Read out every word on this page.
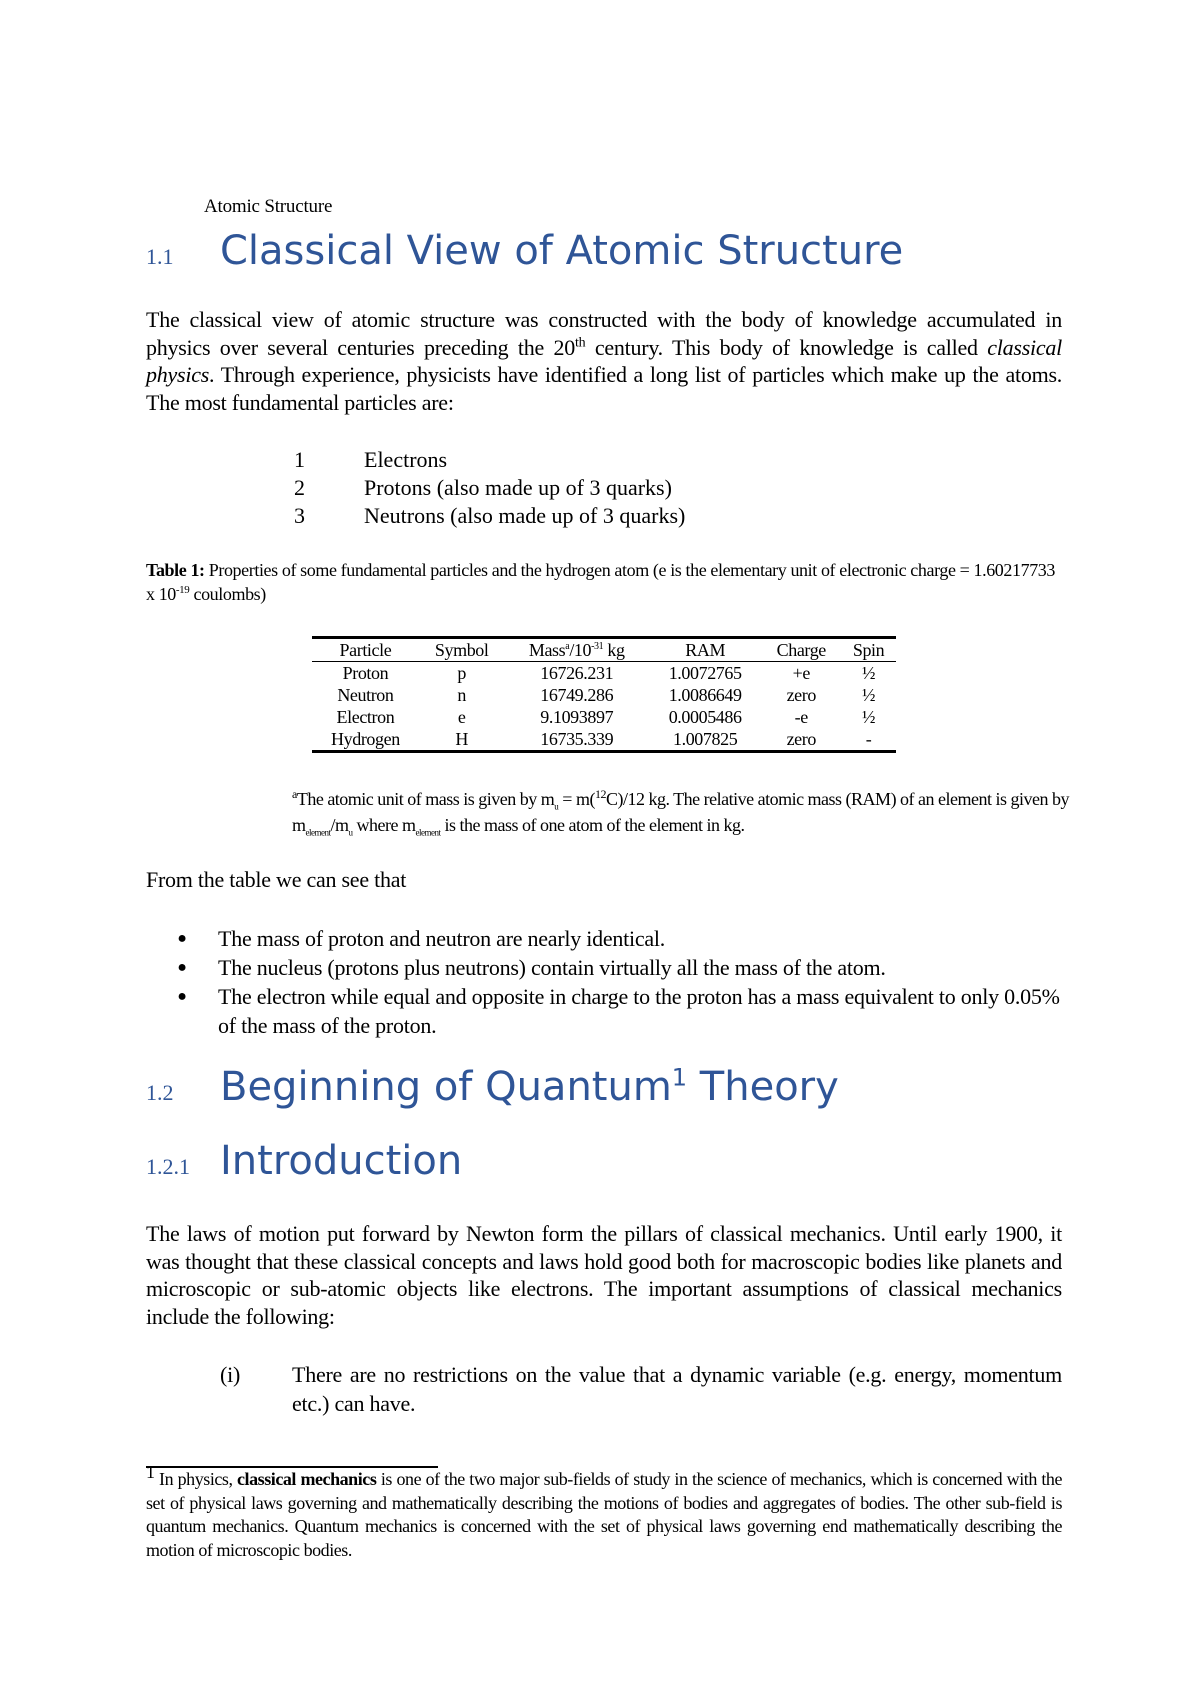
Atomic Structure
1.1 Classical View of Atomic Structure
The classical view of atomic structure was constructed with the body of knowledge accumulated in physics over several centuries preceding the 20th century. This body of knowledge is called classical physics. Through experience, physicists have identified a long list of particles which make up the atoms. The most fundamental particles are:
1	Electrons
2	Protons (also made up of 3 quarks)
3	Neutrons (also made up of 3 quarks)
Table 1: Properties of some fundamental particles and the hydrogen atom (e is the elementary unit of electronic charge = 1.60217733 x $10^{-19}$ coulombs)
Particle	Symbol	$Mass^a/10^{-31}$ kg	RAM	Charge	Spin
Proton	p	16726.231	1.0072765	+e	½
Neutron	n	16749.286	1.0086649	zero	½
Electron	e	9.1093897	0.0005486	-e	½
Hydrogen	H	16735.339	1.007825	zero	-
$^a$The atomic unit of mass is given by $m_u = m(^{12}C)/12$ kg. The relative atomic mass (RAM) of an element is given by $m_{element}/m_u$ where $m_{element}$ is the mass of one atom of the element in kg.
From the table we can see that
●	The mass of proton and neutron are nearly identical.
●	The nucleus (protons plus neutrons) contain virtually all the mass of the atom.
●	The electron while equal and opposite in charge to the proton has a mass equivalent to only 0.05% of the mass of the proton.
1.2 Beginning of Quantum$^1$ Theory
1.2.1 Introduction
The laws of motion put forward by Newton form the pillars of classical mechanics. Until early 1900, it was thought that these classical concepts and laws hold good both for macroscopic bodies like planets and microscopic or sub-atomic objects like electrons. The important assumptions of classical mechanics include the following:
(i)	There are no restrictions on the value that a dynamic variable (e.g. energy, momentum etc.) can have.
1 In physics, classical mechanics is one of the two major sub-fields of study in the science of mechanics, which is concerned with the set of physical laws governing and mathematically describing the motions of bodies and aggregates of bodies. The other sub-field is quantum mechanics. Quantum mechanics is concerned with the set of physical laws governing end mathematically describing the motion of microscopic bodies.
